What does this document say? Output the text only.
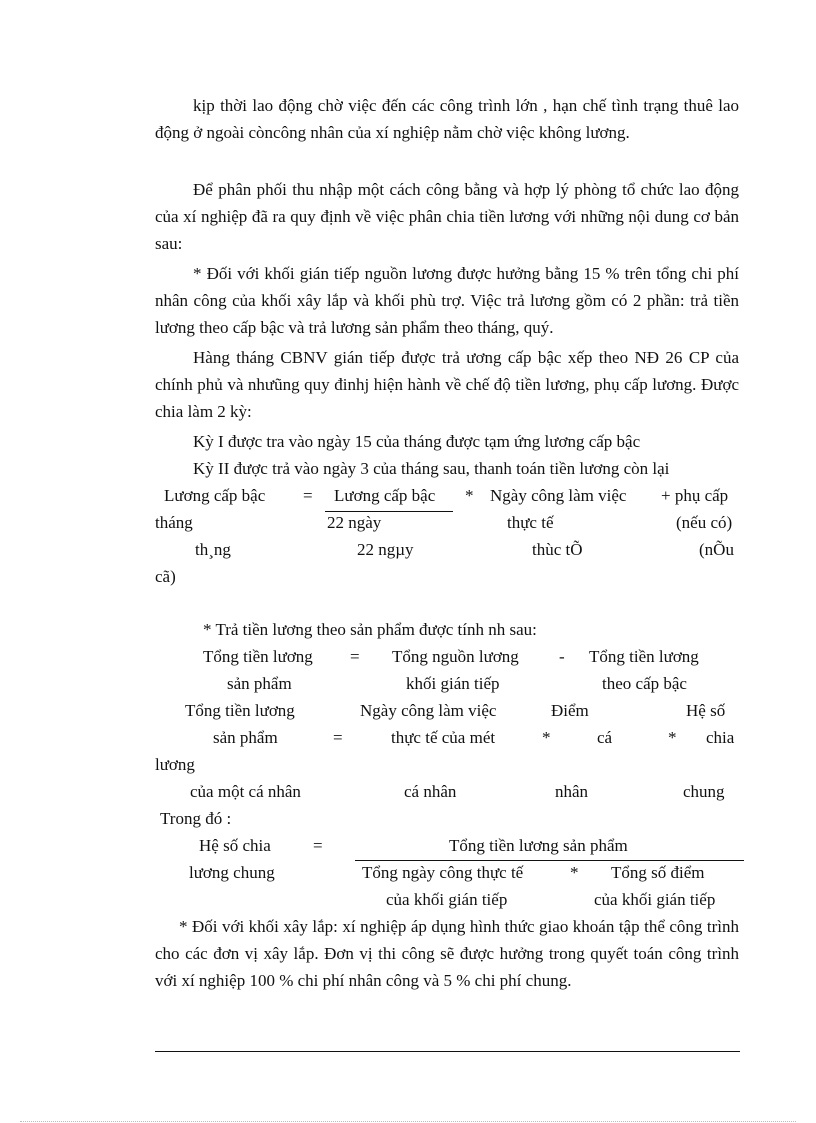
kịp thời lao động chờ việc đến các công trình lớn , hạn chế tình trạng thuê lao động ở ngoài còncông nhân của xí nghiệp nằm chờ việc không lương.
Để phân phối thu nhập một cách công bằng và hợp lý phòng tổ chức lao động của xí nghiệp đã ra quy định về việc phân chia tiền lương với những nội dung cơ bản sau:
* Đối với khối gián tiếp nguồn lương được hưởng bằng 15 % trên tổng chi phí nhân công của khối xây lắp và khối phù trợ. Việc trả lương gồm có 2 phần: trả tiền lương theo cấp bậc và trả lương sản phẩm theo tháng, quý.
Hàng tháng CBNV gián tiếp được trả ương cấp bậc xếp theo NĐ 26 CP của chính phủ và nhưũng quy đinhj hiện hành về chế độ tiền lương, phụ cấp lương. Được chia làm 2 kỳ:
Kỳ I được tra vào ngày 15 của tháng được tạm ứng lương cấp bậc
Kỳ II được trả vào ngày 3 của tháng sau, thanh toán tiền lương còn lại
Lương cấp bậc = Lương cấp bậc * Ngày công làm việc + phụ cấp
tháng	22 ngày	thực tế	(nếu có)
th¸ng	22 ngµy	thùc tÕ	(nÕu
cã)
* Trả tiền lương theo sản phẩm được tính nh sau:
Tổng tiền lương = Tổng nguồn lương - Tổng tiền lương
sản phẩm	khối gián tiếp	theo cấp bậc
Tổng tiền lương	Ngày công làm việc	Điểm	Hệ số
sản phẩm	=	thực tế của mét	*	cá	* chia
lương
của một cá nhân	cá nhân	nhân	chung
Trong đó :
Hệ số chia =	Tổng tiền lương sản phẩm
lương chung	Tổng ngày công thực tế	* Tổng số điểm
của khối gián tiếp	của khối gián tiếp
* Đối với khối xây lắp: xí nghiệp áp dụng hình thức giao khoán tập thể công trình cho các đơn vị xây lắp. Đơn vị thi công sẽ được hưởng trong quyết toán công trình với xí nghiệp 100 % chi phí nhân công và 5 % chi phí chung.
